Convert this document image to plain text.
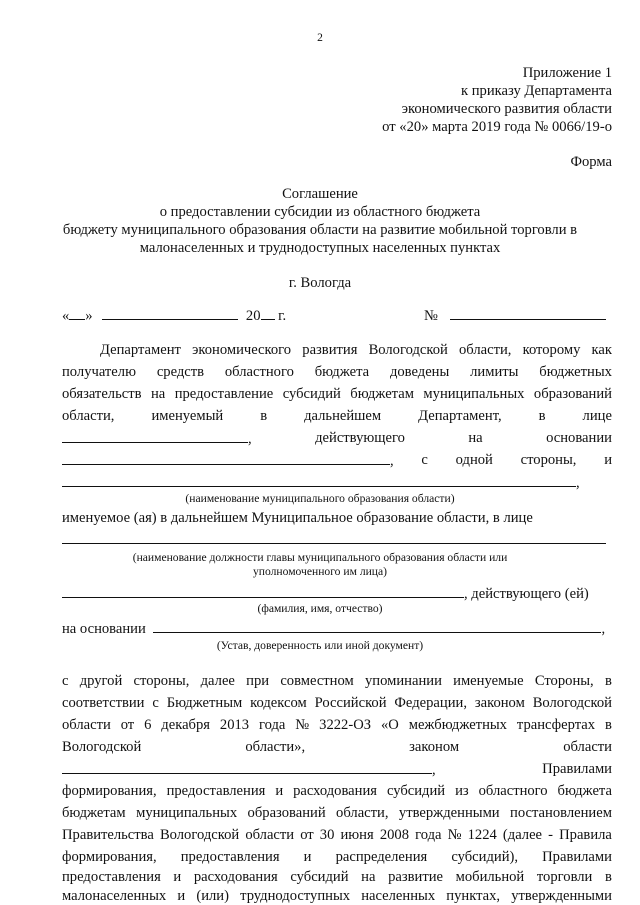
2
Приложение 1
к приказу Департамента
экономического развития области
от «20» марта 2019 года № 0066/19-о
Форма
Соглашение
о предоставлении субсидии из областного бюджета
бюджету муниципального образования области на развитие мобильной торговли в
малонаселенных и труднодоступных населенных пунктах
г. Вологда
« »	20 г.	№
Департамент экономического развития Вологодской области, которому как
получателю средств областного бюджета доведены лимиты бюджетных
обязательств на предоставление субсидий бюджетам муниципальных образований
области,	именуемый	в	дальнейшем	Департамент,	в	лице
,	действующего	на	основании
, с одной стороны, и
,
(наименование муниципального образования области)
именуемое (ая) в дальнейшем Муниципальное образование области, в лице
(наименование должности главы муниципального образования области или
уполномоченного им лица)
, действующего (ей)
(фамилия, имя, отчество)
на основании	,
(Устав, доверенность или иной документ)
с другой стороны, далее при совместном упоминании именуемые Стороны, в
соответствии с Бюджетным кодексом Российской Федерации, законом Вологодской
области от 6 декабря 2013 года № 3222-ОЗ «О межбюджетных трансфертах в
Вологодской	области»,	законом	области
,	Правилами
формирования, предоставления и расходования субсидий из областного бюджета
бюджетам муниципальных образований области, утвержденными постановлением
Правительства Вологодской области от 30 июня 2008 года № 1224 (далее - Правила
формирования, предоставления и распределения субсидий), Правилами
предоставления и расходования субсидий на развитие мобильной торговли в
малонаселенных и (или) труднодоступных населенных пунктах, утвержденными
